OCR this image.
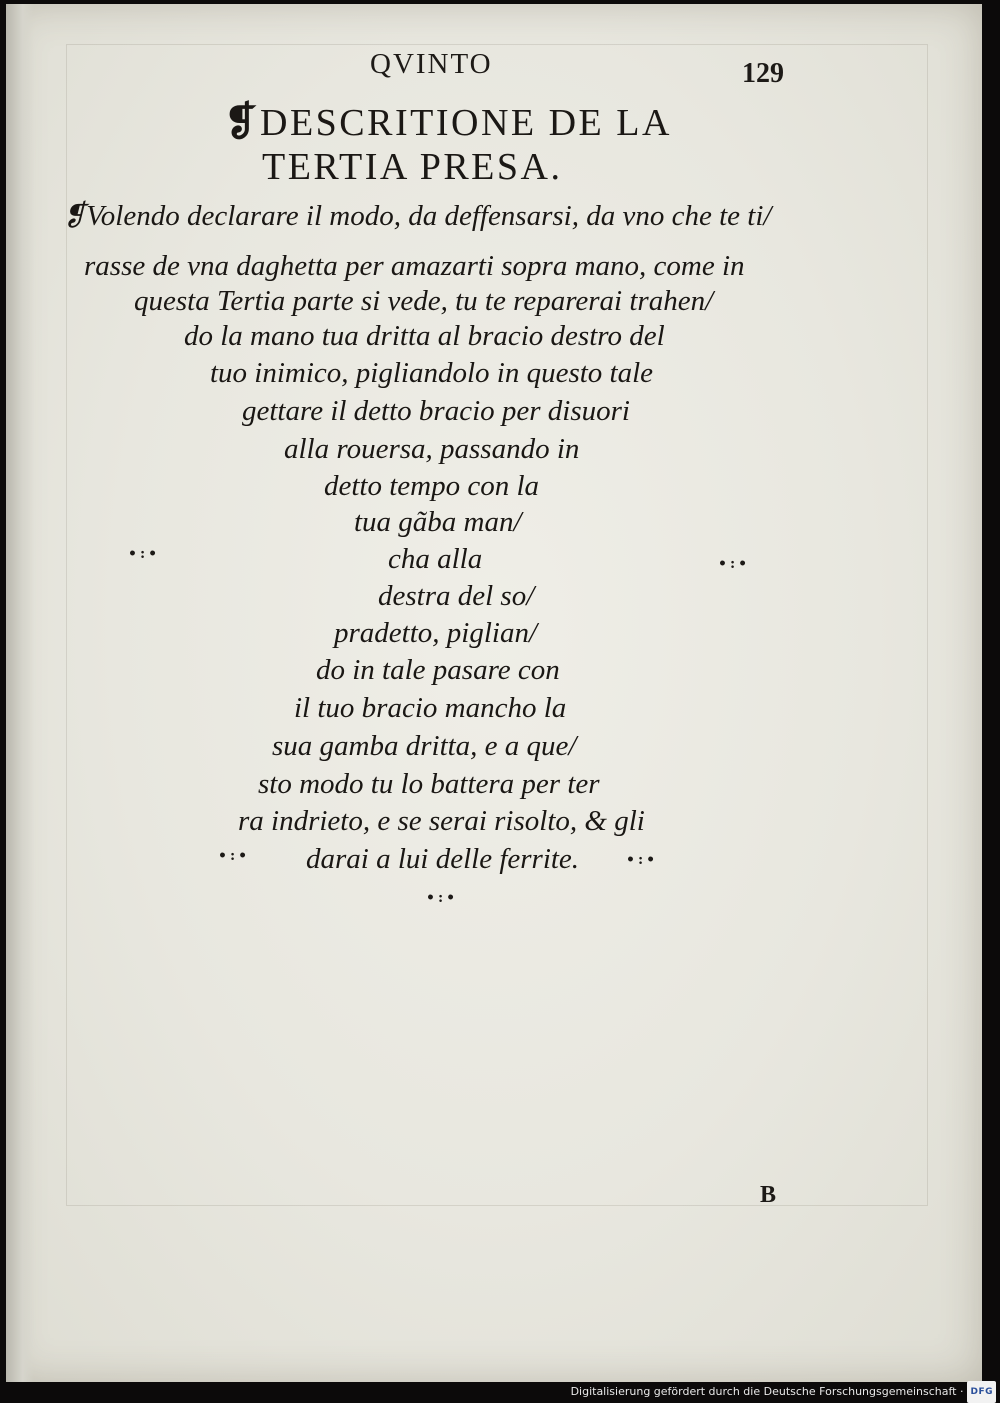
QVINTO	129
❡DESCRITIONE DE LA
TERTIA PRESA.
❡Volendo declarare il modo, da deffensarsi, da vno che te ti/
rasse de vna daghetta per amazarti sopra mano, come in
questa Tertia parte si vede, tu te reparerai trahen/
do la mano tua dritta al bracio destro del
tuo inimico, pigliandolo in questo tale
gettare il detto bracio per disuori
alla rouersa, passando in
detto tempo con la
tua gãba man/
cha alla
destra del so/
pradetto, piglian/
do in tale pasare con
il tuo bracio mancho la
sua gamba dritta, e a que/
sto modo tu lo battera per ter
ra indrieto, e se serai risolto, & gli
darai a lui delle ferrite.
•:•
•:•
•:•	•:•
•:•
B
Digitalisierung gefördert durch die Deutsche Forschungsgemeinschaft · DFG
